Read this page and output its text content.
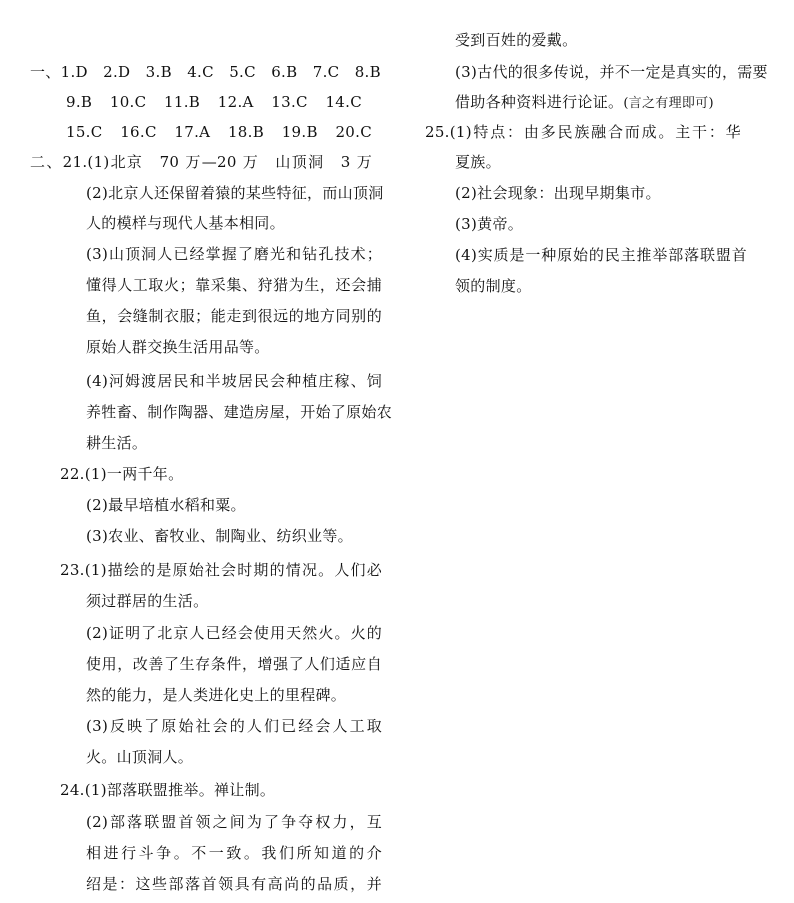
一、1.D　2.D　3.B　4.C　5.C　6.B　7.C　8.B
9.B　10.C　11.B　12.A　13.C　14.C
15.C　16.C　17.A　18.B　19.B　20.C
二、21.(1)北京　70 万—20 万　山顶洞　3 万
(2)北京人还保留着猿的某些特征，而山顶洞
人的模样与现代人基本相同。
(3)山顶洞人已经掌握了磨光和钻孔技术；
懂得人工取火；靠采集、狩猎为生，还会捕
鱼，会缝制衣服；能走到很远的地方同别的
原始人群交换生活用品等。
(4)河姆渡居民和半坡居民会种植庄稼、饲
养牲畜、制作陶器、建造房屋，开始了原始农
耕生活。
22.(1)一两千年。
(2)最早培植水稻和粟。
(3)农业、畜牧业、制陶业、纺织业等。
23.(1)描绘的是原始社会时期的情况。人们必
须过群居的生活。
(2)证明了北京人已经会使用天然火。火的
使用，改善了生存条件，增强了人们适应自
然的能力，是人类进化史上的里程碑。
(3)反映了原始社会的人们已经会人工取
火。山顶洞人。
24.(1)部落联盟推举。禅让制。
(2)部落联盟首领之间为了争夺权力，互
相进行斗争。不一致。我们所知道的介
绍是：这些部落首领具有高尚的品质，并
受到百姓的爱戴。
(3)古代的很多传说，并不一定是真实的，需要
借助各种资料进行论证。(言之有理即可)
25.(1)特点：由多民族融合而成。主干：华
夏族。
(2)社会现象：出现早期集市。
(3)黄帝。
(4)实质是一种原始的民主推举部落联盟首
领的制度。
